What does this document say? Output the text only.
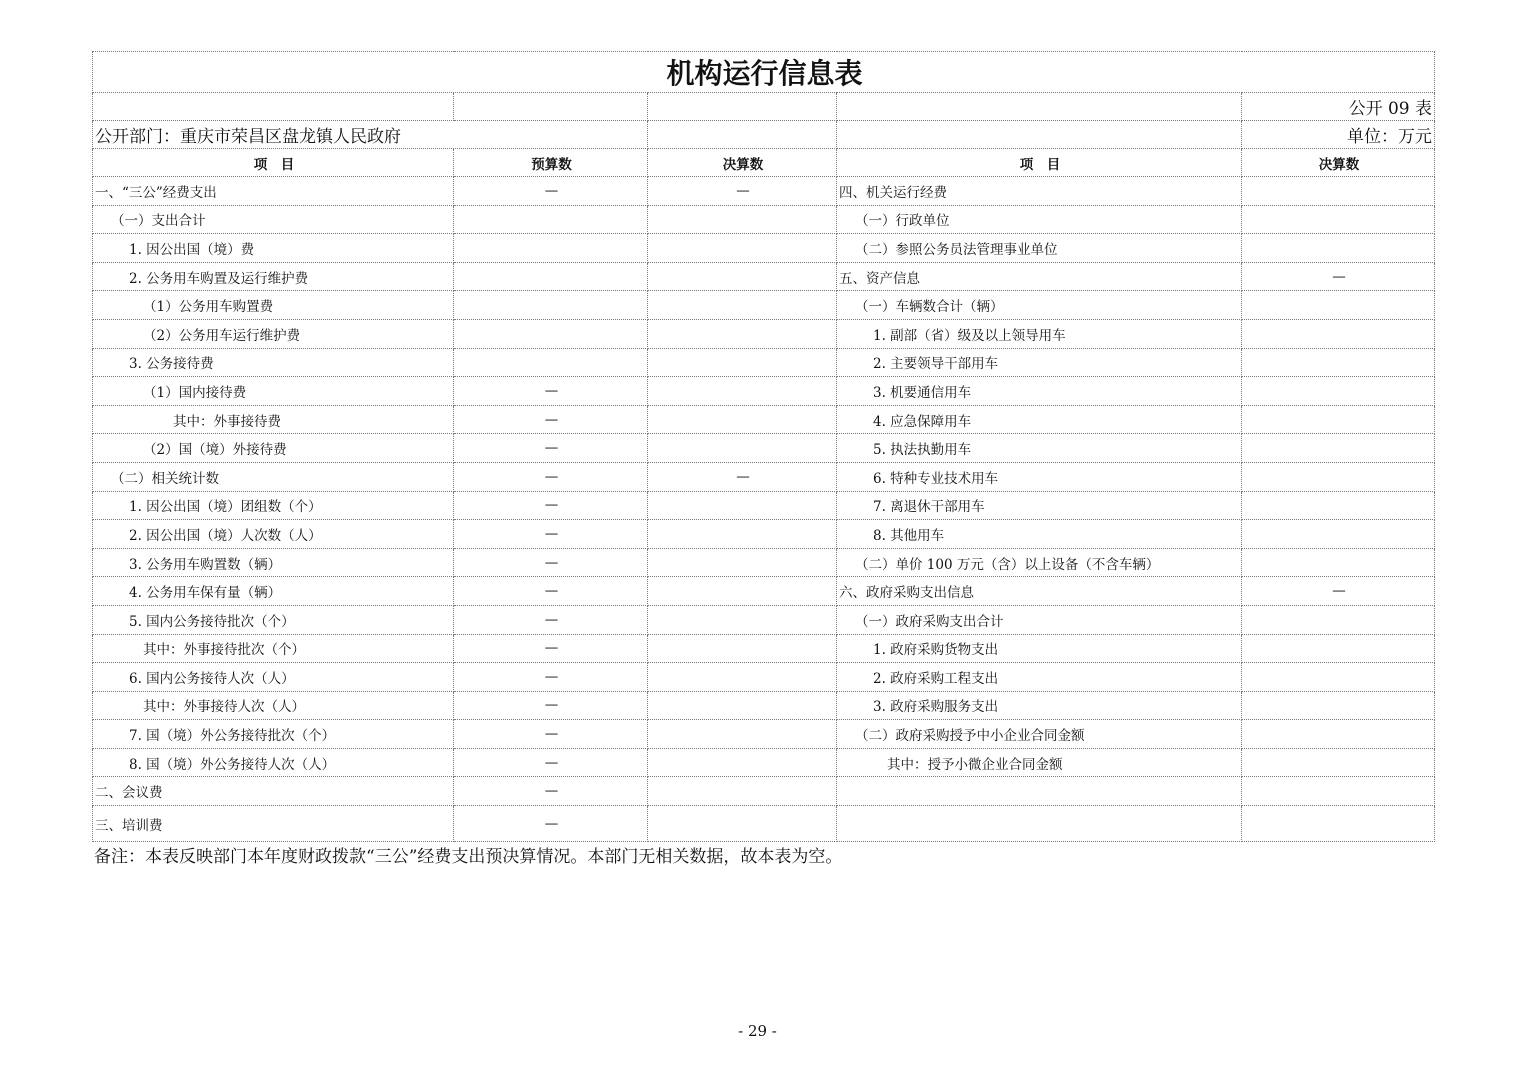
机构运行信息表				
				公开 09 表
公开部门：重庆市荣昌区盘龙镇人民政府				单位：万元
项　目	预算数	决算数	项　目	决算数
一、“三公”经费支出	—	—	四、机关运行经费	
（一）支出合计			（一）行政单位	
1. 因公出国（境）费			（二）参照公务员法管理事业单位	
2. 公务用车购置及运行维护费			五、资产信息	—
（1）公务用车购置费			（一）车辆数合计（辆）	
（2）公务用车运行维护费			1. 副部（省）级及以上领导用车	
3. 公务接待费			2. 主要领导干部用车	
（1）国内接待费	—		3. 机要通信用车	
其中：外事接待费	—		4. 应急保障用车	
（2）国（境）外接待费	—		5. 执法执勤用车	
（二）相关统计数	—	—	6. 特种专业技术用车	
1. 因公出国（境）团组数（个）	—		7. 离退休干部用车	
2. 因公出国（境）人次数（人）	—		8. 其他用车	
3. 公务用车购置数（辆）	—		（二）单价 100 万元（含）以上设备（不含车辆）	
4. 公务用车保有量（辆）	—		六、政府采购支出信息	—
5. 国内公务接待批次（个）	—		（一）政府采购支出合计	
其中：外事接待批次（个）	—		1. 政府采购货物支出	
6. 国内公务接待人次（人）	—		2. 政府采购工程支出	
其中：外事接待人次（人）	—		3. 政府采购服务支出	
7. 国（境）外公务接待批次（个）	—		（二）政府采购授予中小企业合同金额	
8. 国（境）外公务接待人次（人）	—		其中：授予小微企业合同金额	
二、会议费	—			
三、培训费	—			
备注：本表反映部门本年度财政拨款“三公”经费支出预决算情况。本部门无相关数据，故本表为空。
- 29 -
